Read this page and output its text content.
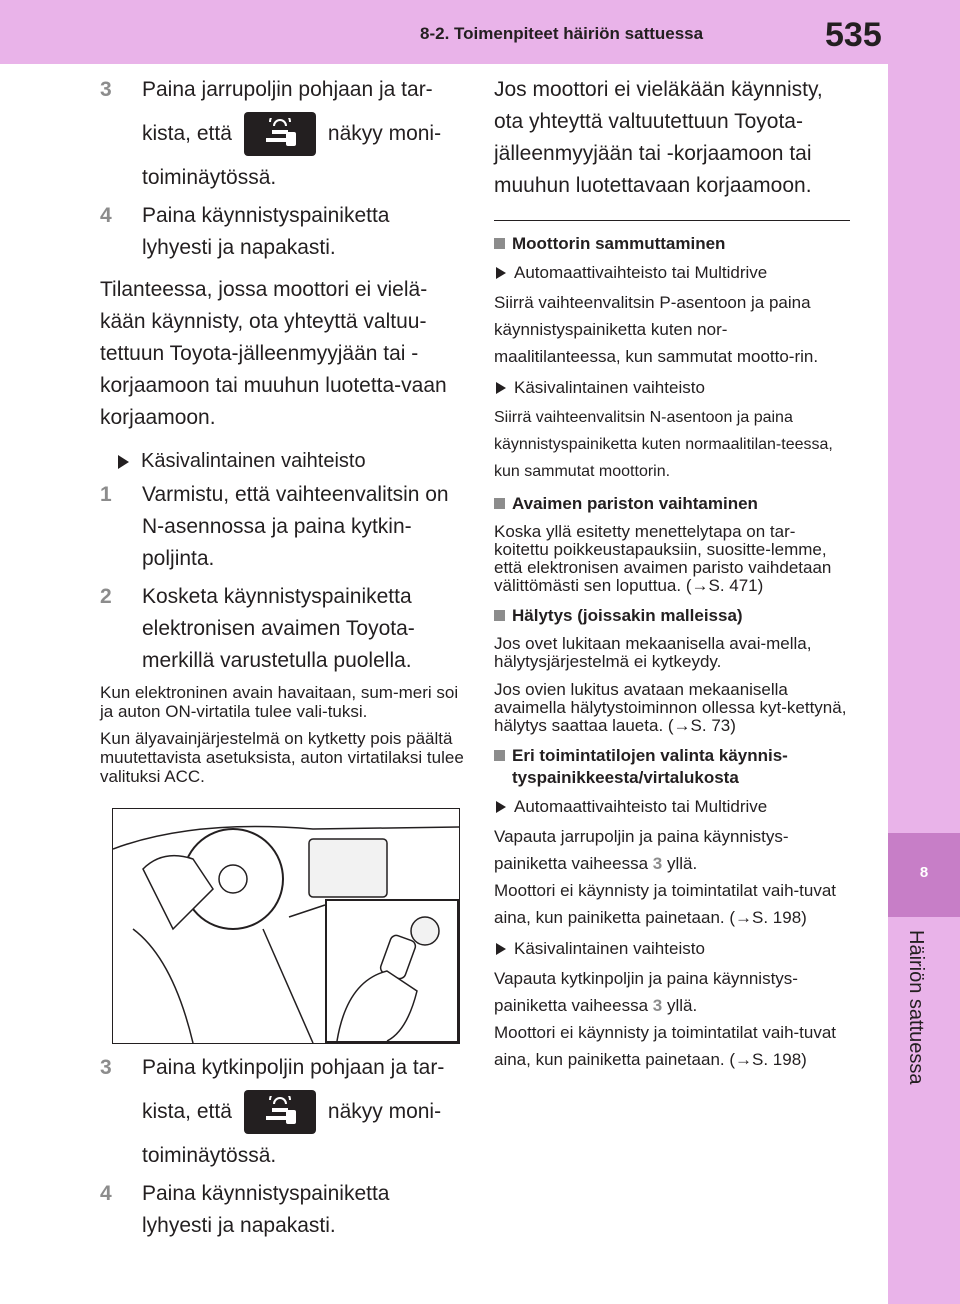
8-2. Toimenpiteet häiriön sattuessa	535
8
Häiriön sattuessa
3	Paina jarrupoljin pohjaan ja tar-
kista, että	näkyy moni-
toiminäytössä.
4	Paina käynnistyspainiketta lyhyesti ja napakasti.
Tilanteessa, jossa moottori ei vielä-kään käynnisty, ota yhteyttä valtuu-tettuun Toyota-jälleenmyyjään tai -korjaamoon tai muuhun luotetta-vaan korjaamoon.
Käsivalintainen vaihteisto
1	Varmistu, että vaihteenvalitsin on N-asennossa ja paina kytkin-poljinta.
2	Kosketa käynnistyspainiketta elektronisen avaimen Toyota-merkillä varustetulla puolella.
Kun elektroninen avain havaitaan, sum-meri soi ja auton ON-virtatila tulee vali-tuksi.
Kun älyavainjärjestelmä on kytketty pois päältä muutettavista asetuksista, auton virtatilaksi tulee valituksi ACC.
3	Paina kytkinpoljin pohjaan ja tar-
kista, että	näkyy moni-
toiminäytössä.
4	Paina käynnistyspainiketta lyhyesti ja napakasti.
Jos moottori ei vieläkään käynnisty, ota yhteyttä valtuutettuun Toyota-jälleenmyyjään tai -korjaamoon tai muuhun luotettavaan korjaamoon.
Moottorin sammuttaminen
Automaattivaihteisto tai Multidrive
Siirrä vaihteenvalitsin P-asentoon ja paina käynnistyspainiketta kuten nor-maalitilanteessa, kun sammutat mootto-rin.
Käsivalintainen vaihteisto
Siirrä vaihteenvalitsin N-asentoon ja paina käynnistyspainiketta kuten normaalitilan-teessa, kun sammutat moottorin.
Avaimen pariston vaihtaminen
Koska yllä esitetty menettelytapa on tar-koitettu poikkeustapauksiin, suositte-lemme, että elektronisen avaimen paristo vaihdetaan välittömästi sen loputtua. (→S. 471)
Hälytys (joissakin malleissa)
Jos ovet lukitaan mekaanisella avai-mella, hälytysjärjestelmä ei kytkeydy.
Jos ovien lukitus avataan mekaanisella avaimella hälytystoiminnon ollessa kyt-kettynä, hälytys saattaa laueta. (→S. 73)
Eri toimintatilojen valinta käynnis-tyspainikkeesta/virtalukosta
Automaattivaihteisto tai Multidrive
Vapauta jarrupoljin ja paina käynnistys-painiketta vaiheessa 3 yllä.
Moottori ei käynnisty ja toimintatilat vaih-tuvat aina, kun painiketta painetaan. (→S. 198)
Käsivalintainen vaihteisto
Vapauta kytkinpoljin ja paina käynnistys-painiketta vaiheessa 3 yllä.
Moottori ei käynnisty ja toimintatilat vaih-tuvat aina, kun painiketta painetaan. (→S. 198)
